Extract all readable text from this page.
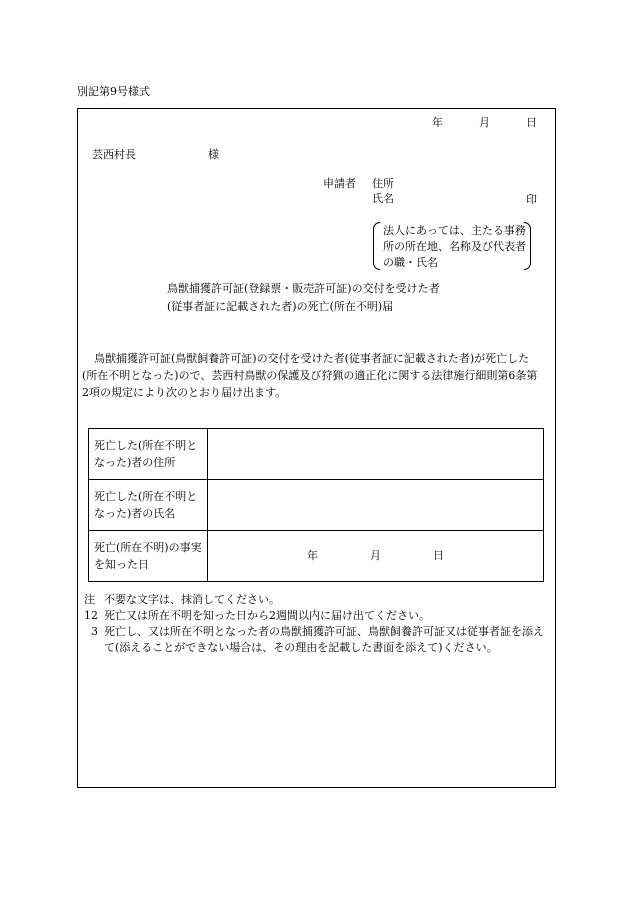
別記第9号様式
年	月	日
芸西村長	様
申請者 住所
氏名	印
法人にあっては、主たる事務所の所在地、名称及び代表者の職・氏名
鳥獣捕獲許可証(登録票・販売許可証)の交付を受けた者
(従事者証に記載された者)の死亡(所在不明)届
鳥獣捕獲許可証(鳥獣飼養許可証)の交付を受けた者(従事者証に記載された者)が死亡した(所在不明となった)ので、芸西村鳥獣の保護及び狩猟の適正化に関する法律施行細則第6条第2項の規定により次のとおり届け出ます。
死亡した(所在不明となった)者の住所	
死亡した(所在不明となった)者の氏名	
死亡(所在不明)の事実を知った日	年 月 日
注1
不要な文字は、抹消してください。
2 死亡又は所在不明を知った日から2週間以内に届け出てください。
3 死亡し、又は所在不明となった者の鳥獣捕獲許可証、鳥獣飼養許可証又は従事者証を添えて(添えることができない場合は、その理由を記載した書面を添えて)ください。
